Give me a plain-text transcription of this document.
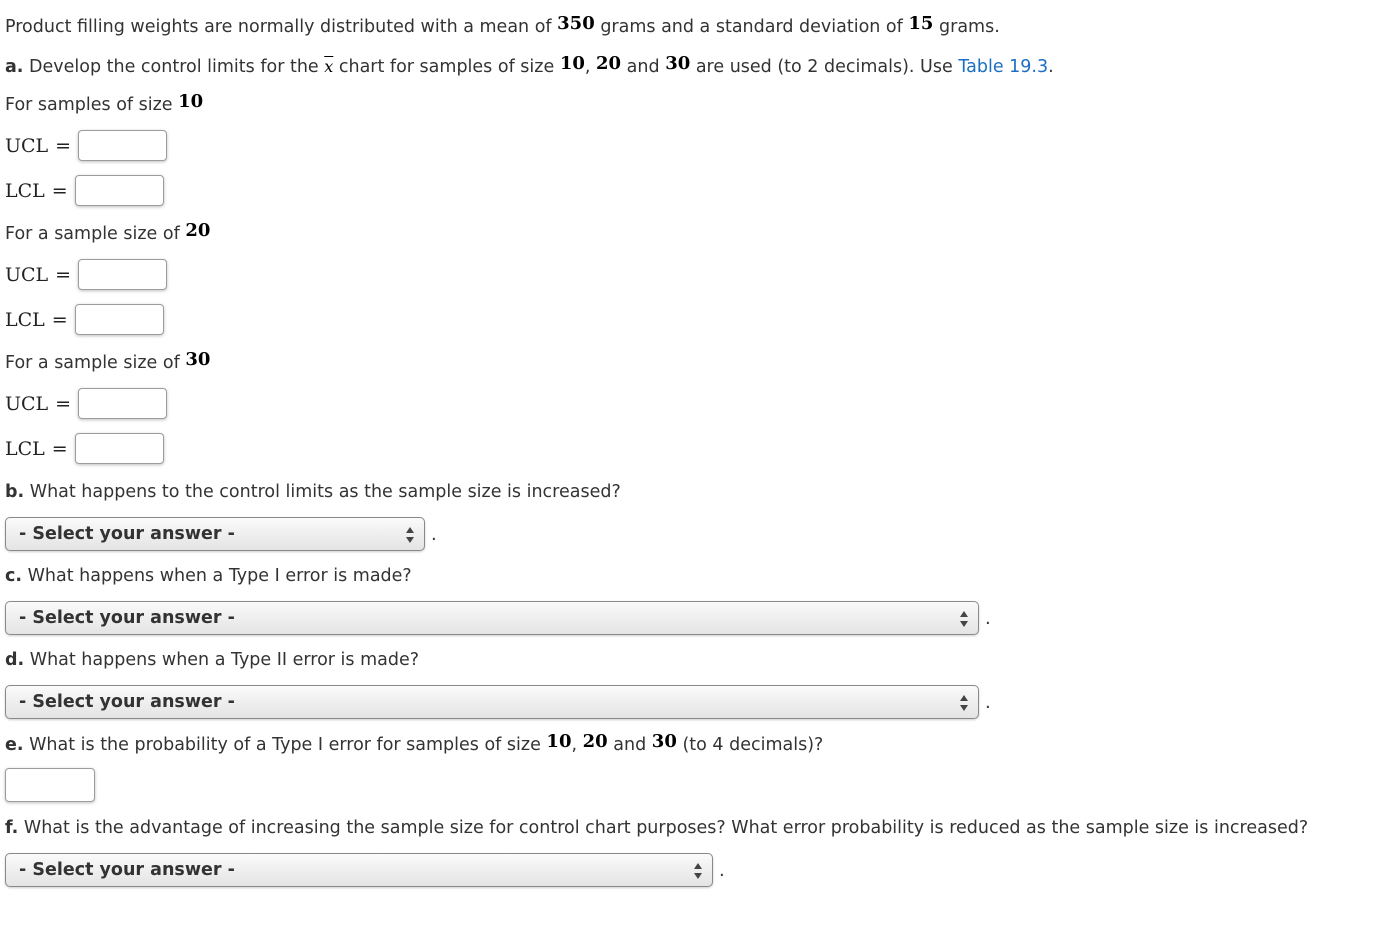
Product filling weights are normally distributed with a mean of 350 grams and a standard deviation of 15 grams.
a. Develop the control limits for the $\overline{x}$ chart for samples of size 10, 20 and 30 are used (to 2 decimals). Use Table 19.3.
For samples of size 10
UCL =
LCL =
For a sample size of 20
UCL =
LCL =
For a sample size of 30
UCL =
LCL =
b. What happens to the control limits as the sample size is increased?
- Select your answer -	.
c. What happens when a Type I error is made?
- Select your answer -	.
d. What happens when a Type II error is made?
- Select your answer -	.
e. What is the probability of a Type I error for samples of size 10, 20 and 30 (to 4 decimals)?
f. What is the advantage of increasing the sample size for control chart purposes? What error probability is reduced as the sample size is increased?
- Select your answer -	.
